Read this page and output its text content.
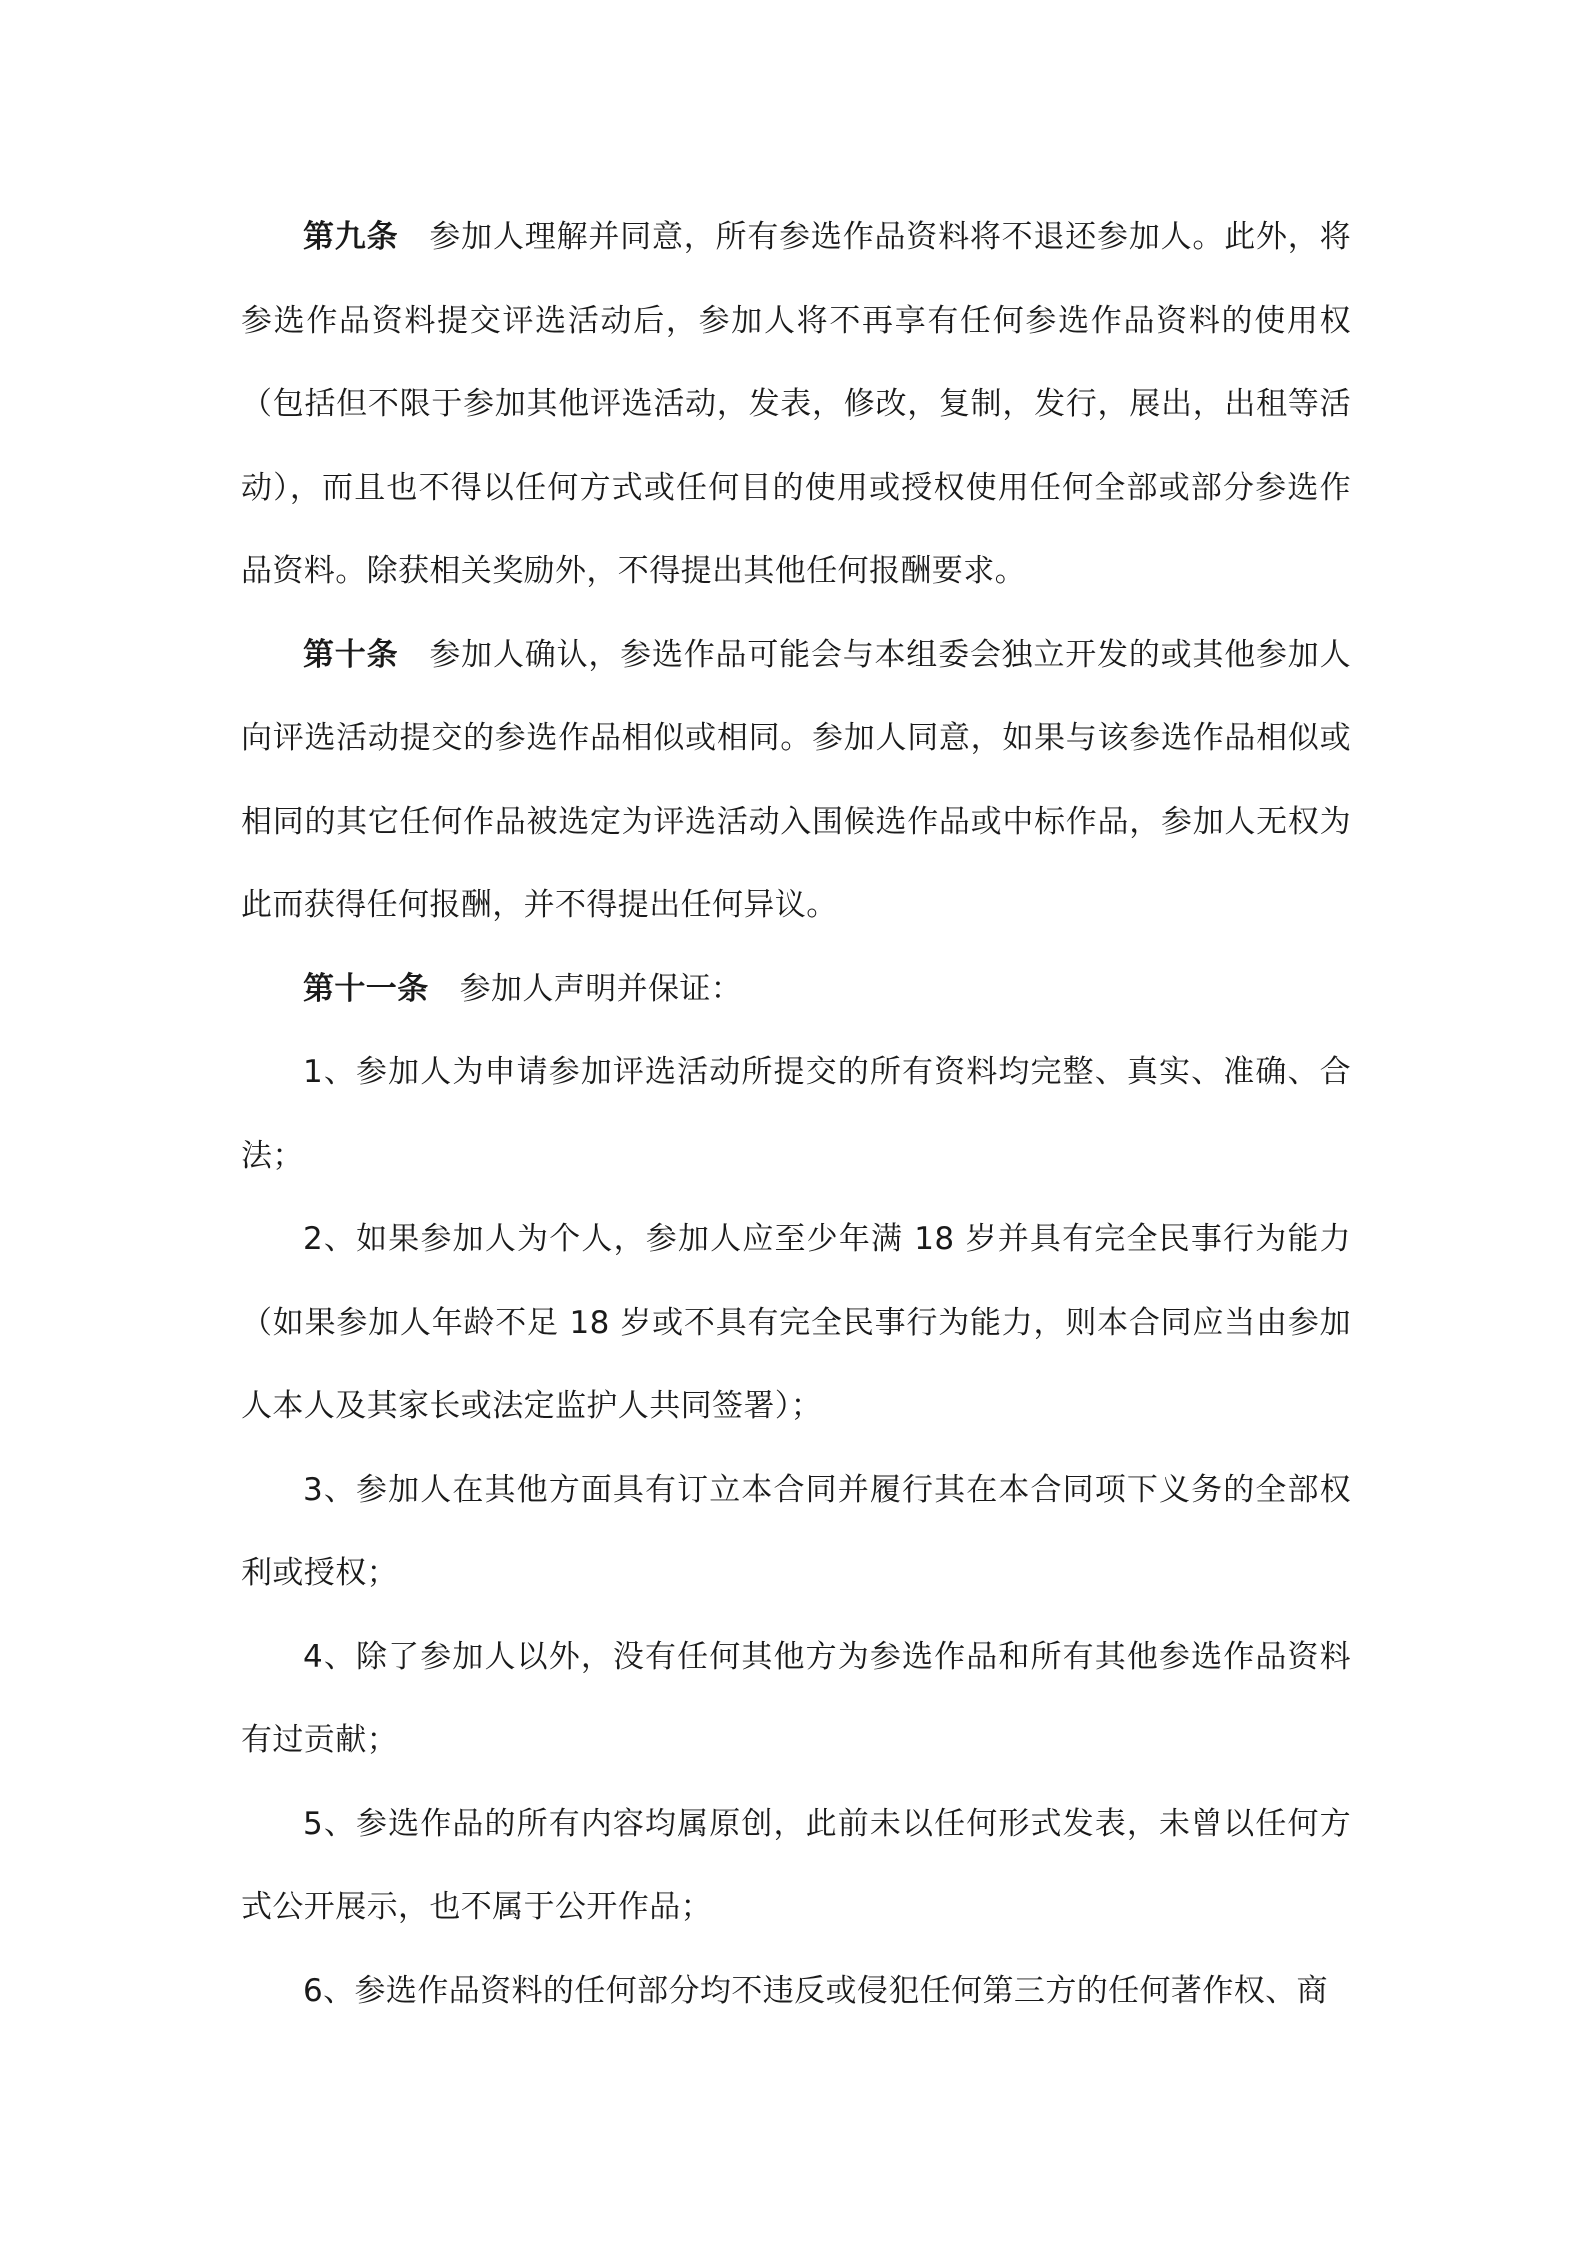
第九条 参加人理解并同意，所有参选作品资料将不退还参加人。此外，将参选作品资料提交评选活动后，参加人将不再享有任何参选作品资料的使用权（包括但不限于参加其他评选活动，发表，修改，复制，发行，展出，出租等活动），而且也不得以任何方式或任何目的使用或授权使用任何全部或部分参选作品资料。除获相关奖励外，不得提出其他任何报酬要求。

第十条 参加人确认，参选作品可能会与本组委会独立开发的或其他参加人向评选活动提交的参选作品相似或相同。参加人同意，如果与该参选作品相似或相同的其它任何作品被选定为评选活动入围候选作品或中标作品，参加人无权为此而获得任何报酬，并不得提出任何异议。

第十一条 参加人声明并保证：

1、参加人为申请参加评选活动所提交的所有资料均完整、真实、准确、合法；

2、如果参加人为个人，参加人应至少年满 18 岁并具有完全民事行为能力（如果参加人年龄不足 18 岁或不具有完全民事行为能力，则本合同应当由参加人本人及其家长或法定监护人共同签署）；

3、参加人在其他方面具有订立本合同并履行其在本合同项下义务的全部权利或授权；

4、除了参加人以外，没有任何其他方为参选作品和所有其他参选作品资料有过贡献；

5、参选作品的所有内容均属原创，此前未以任何形式发表，未曾以任何方式公开展示，也不属于公开作品；

6、参选作品资料的任何部分均不违反或侵犯任何第三方的任何著作权、商
